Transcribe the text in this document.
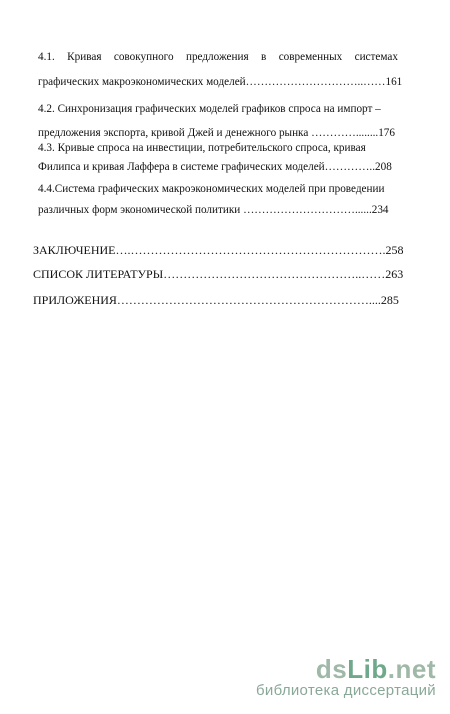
4.1. Кривая совокупного предложения в современных системах
графических макроэкономических моделей…………………………..……161
4.2. Синхронизация графических моделей графиков спроса на импорт –
предложения экспорта, кривой Джей и денежного рынка …………........176
4.3. Кривые спроса на инвестиции, потребительского спроса, кривая
Филипса и кривая Лаффера в системе графических моделей…………..208
4.4.Система графических макроэкономических моделей при проведении
различных форм экономической политики …………………………......234
ЗАКЛЮЧЕНИЕ….……………………………………………………….258
СПИСОК ЛИТЕРАТУРЫ…………………………………………..……263
ПРИЛОЖЕНИЯ………………………………………………………....285
dsLib.net
библиотека диссертаций
